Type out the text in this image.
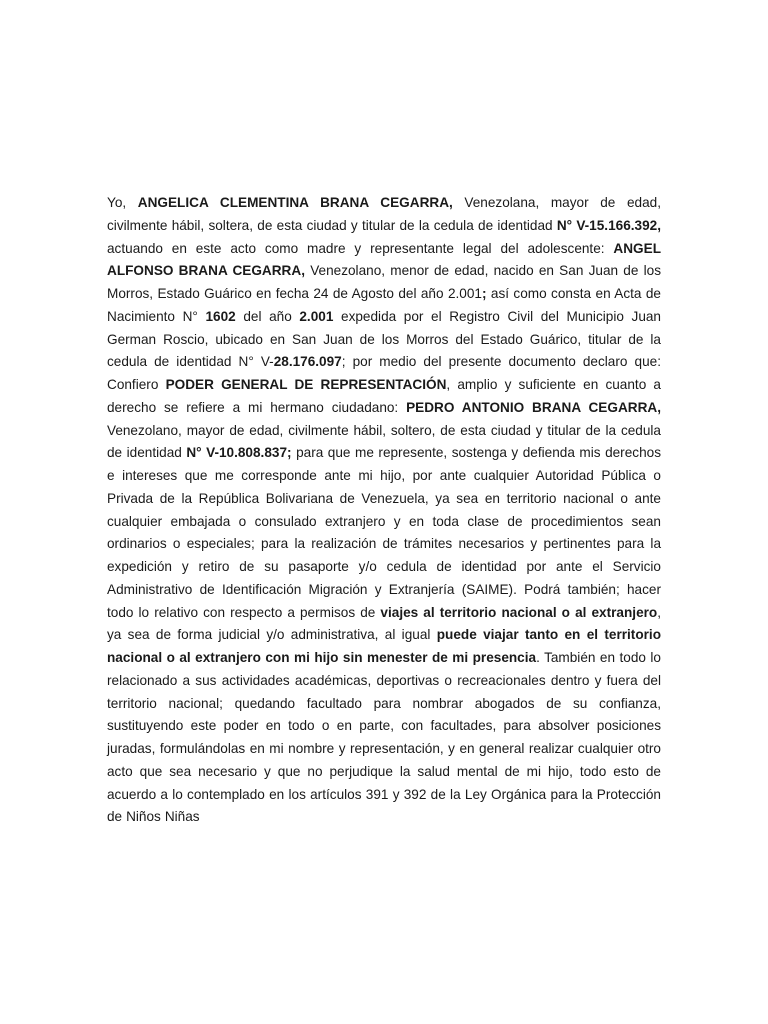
Yo, ANGELICA CLEMENTINA BRANA CEGARRA, Venezolana, mayor de edad, civilmente hábil, soltera, de esta ciudad y titular de la cedula de identidad N° V-15.166.392, actuando en este acto como madre y representante legal del adolescente: ANGEL ALFONSO BRANA CEGARRA, Venezolano, menor de edad, nacido en San Juan de los Morros, Estado Guárico en fecha 24 de Agosto del año 2.001; así como consta en Acta de Nacimiento N° 1602 del año 2.001 expedida por el Registro Civil del Municipio Juan German Roscio, ubicado en San Juan de los Morros del Estado Guárico, titular de la cedula de identidad N° V-28.176.097; por medio del presente documento declaro que: Confiero PODER GENERAL DE REPRESENTACIÓN, amplio y suficiente en cuanto a derecho se refiere a mi hermano ciudadano: PEDRO ANTONIO BRANA CEGARRA, Venezolano, mayor de edad, civilmente hábil, soltero, de esta ciudad y titular de la cedula de identidad N° V-10.808.837; para que me represente, sostenga y defienda mis derechos e intereses que me corresponde ante mi hijo, por ante cualquier Autoridad Pública o Privada de la República Bolivariana de Venezuela, ya sea en territorio nacional o ante cualquier embajada o consulado extranjero y en toda clase de procedimientos sean ordinarios o especiales; para la realización de trámites necesarios y pertinentes para la expedición y retiro de su pasaporte y/o cedula de identidad por ante el Servicio Administrativo de Identificación Migración y Extranjería (SAIME). Podrá también; hacer todo lo relativo con respecto a permisos de viajes al territorio nacional o al extranjero, ya sea de forma judicial y/o administrativa, al igual puede viajar tanto en el territorio nacional o al extranjero con mi hijo sin menester de mi presencia. También en todo lo relacionado a sus actividades académicas, deportivas o recreacionales dentro y fuera del territorio nacional; quedando facultado para nombrar abogados de su confianza, sustituyendo este poder en todo o en parte, con facultades, para absolver posiciones juradas, formulándolas en mi nombre y representación, y en general realizar cualquier otro acto que sea necesario y que no perjudique la salud mental de mi hijo, todo esto de acuerdo a lo contemplado en los artículos 391 y 392 de la Ley Orgánica para la Protección de Niños Niñas
